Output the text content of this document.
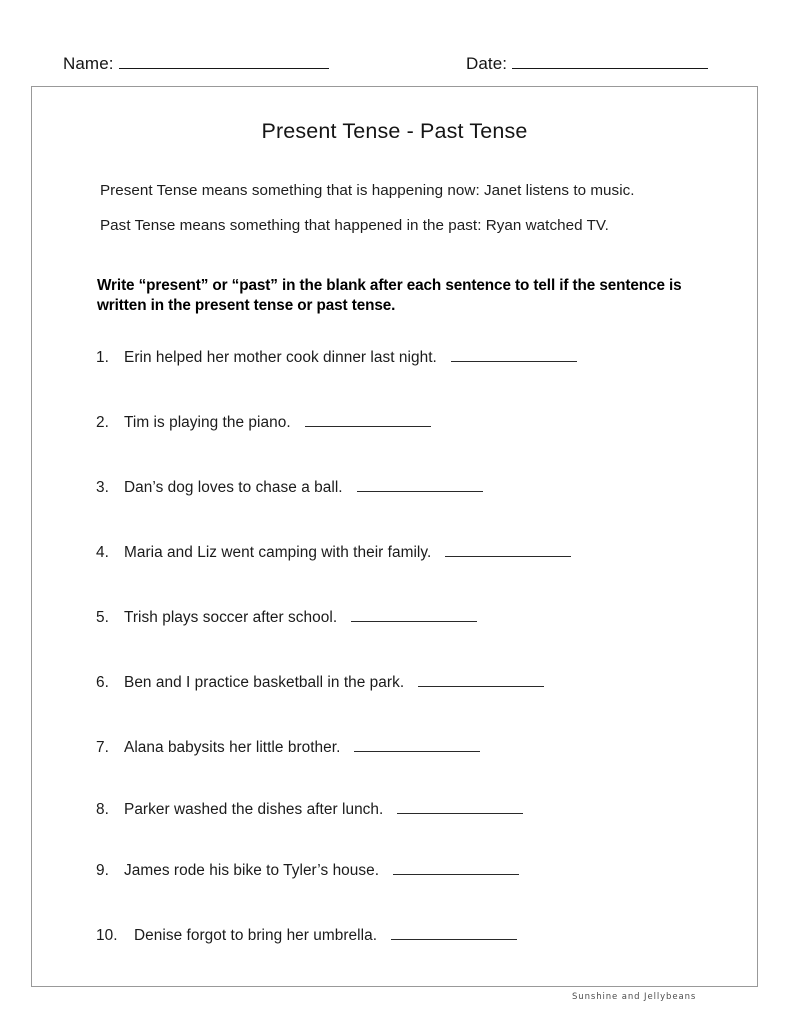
Name:	Date:
Present Tense - Past Tense
Present Tense means something that is happening now: Janet listens to music.
Past Tense means something that happened in the past: Ryan watched TV.
Write “present” or “past” in the blank after each sentence to tell if the sentence is written in the present tense or past tense.
1. Erin helped her mother cook dinner last night.
2. Tim is playing the piano.
3. Dan’s dog loves to chase a ball.
4. Maria and Liz went camping with their family.
5. Trish plays soccer after school.
6. Ben and I practice basketball in the park.
7. Alana babysits her little brother.
8. Parker washed the dishes after lunch.
9. James rode his bike to Tyler’s house.
10.	Denise forgot to bring her umbrella.
Sunshine and Jellybeans
